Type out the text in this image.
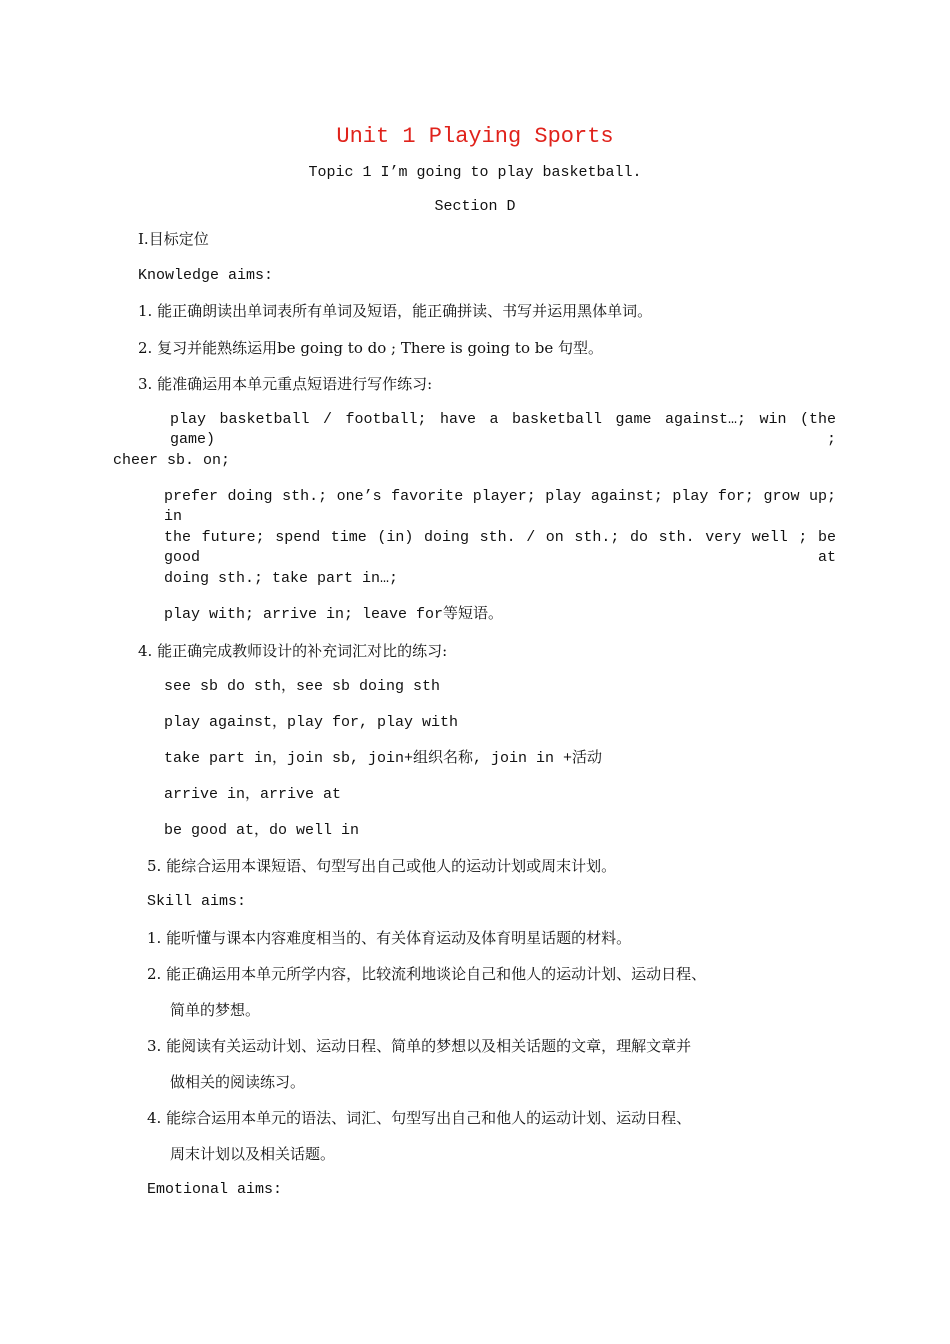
Unit 1 Playing Sports
Topic 1 I’m going to play basketball.
Section D
I.目标定位
Knowledge aims:
1. 能正确朗读出单词表所有单词及短语，能正确拼读、书写并运用黑体单词。
2. 复习并能熟练运用be going to do ; There is going to be 句型。
3. 能准确运用本单元重点短语进行写作练习:
play basketball / football; have a basketball game against…; win (the game) ;
cheer sb. on;
prefer doing sth.; one’s favorite player; play against; play for; grow up; in
the future; spend time (in) doing sth. / on sth.; do sth. very well ; be good at
doing sth.; take part in…;
play with; arrive in; leave for等短语。
4. 能正确完成教师设计的补充词汇对比的练习:
see sb do sth，see sb doing sth
play against，play for, play with
take part in，join sb, join+组织名称, join in +活动
arrive in，arrive at
be good at，do well in
5. 能综合运用本课短语、句型写出自己或他人的运动计划或周末计划。
Skill aims:
1. 能听懂与课本内容难度相当的、有关体育运动及体育明星话题的材料。
2. 能正确运用本单元所学内容，比较流利地谈论自己和他人的运动计划、运动日程、
简单的梦想。
3. 能阅读有关运动计划、运动日程、简单的梦想以及相关话题的文章，理解文章并
做相关的阅读练习。
4. 能综合运用本单元的语法、词汇、句型写出自己和他人的运动计划、运动日程、
周末计划以及相关话题。
Emotional aims:
